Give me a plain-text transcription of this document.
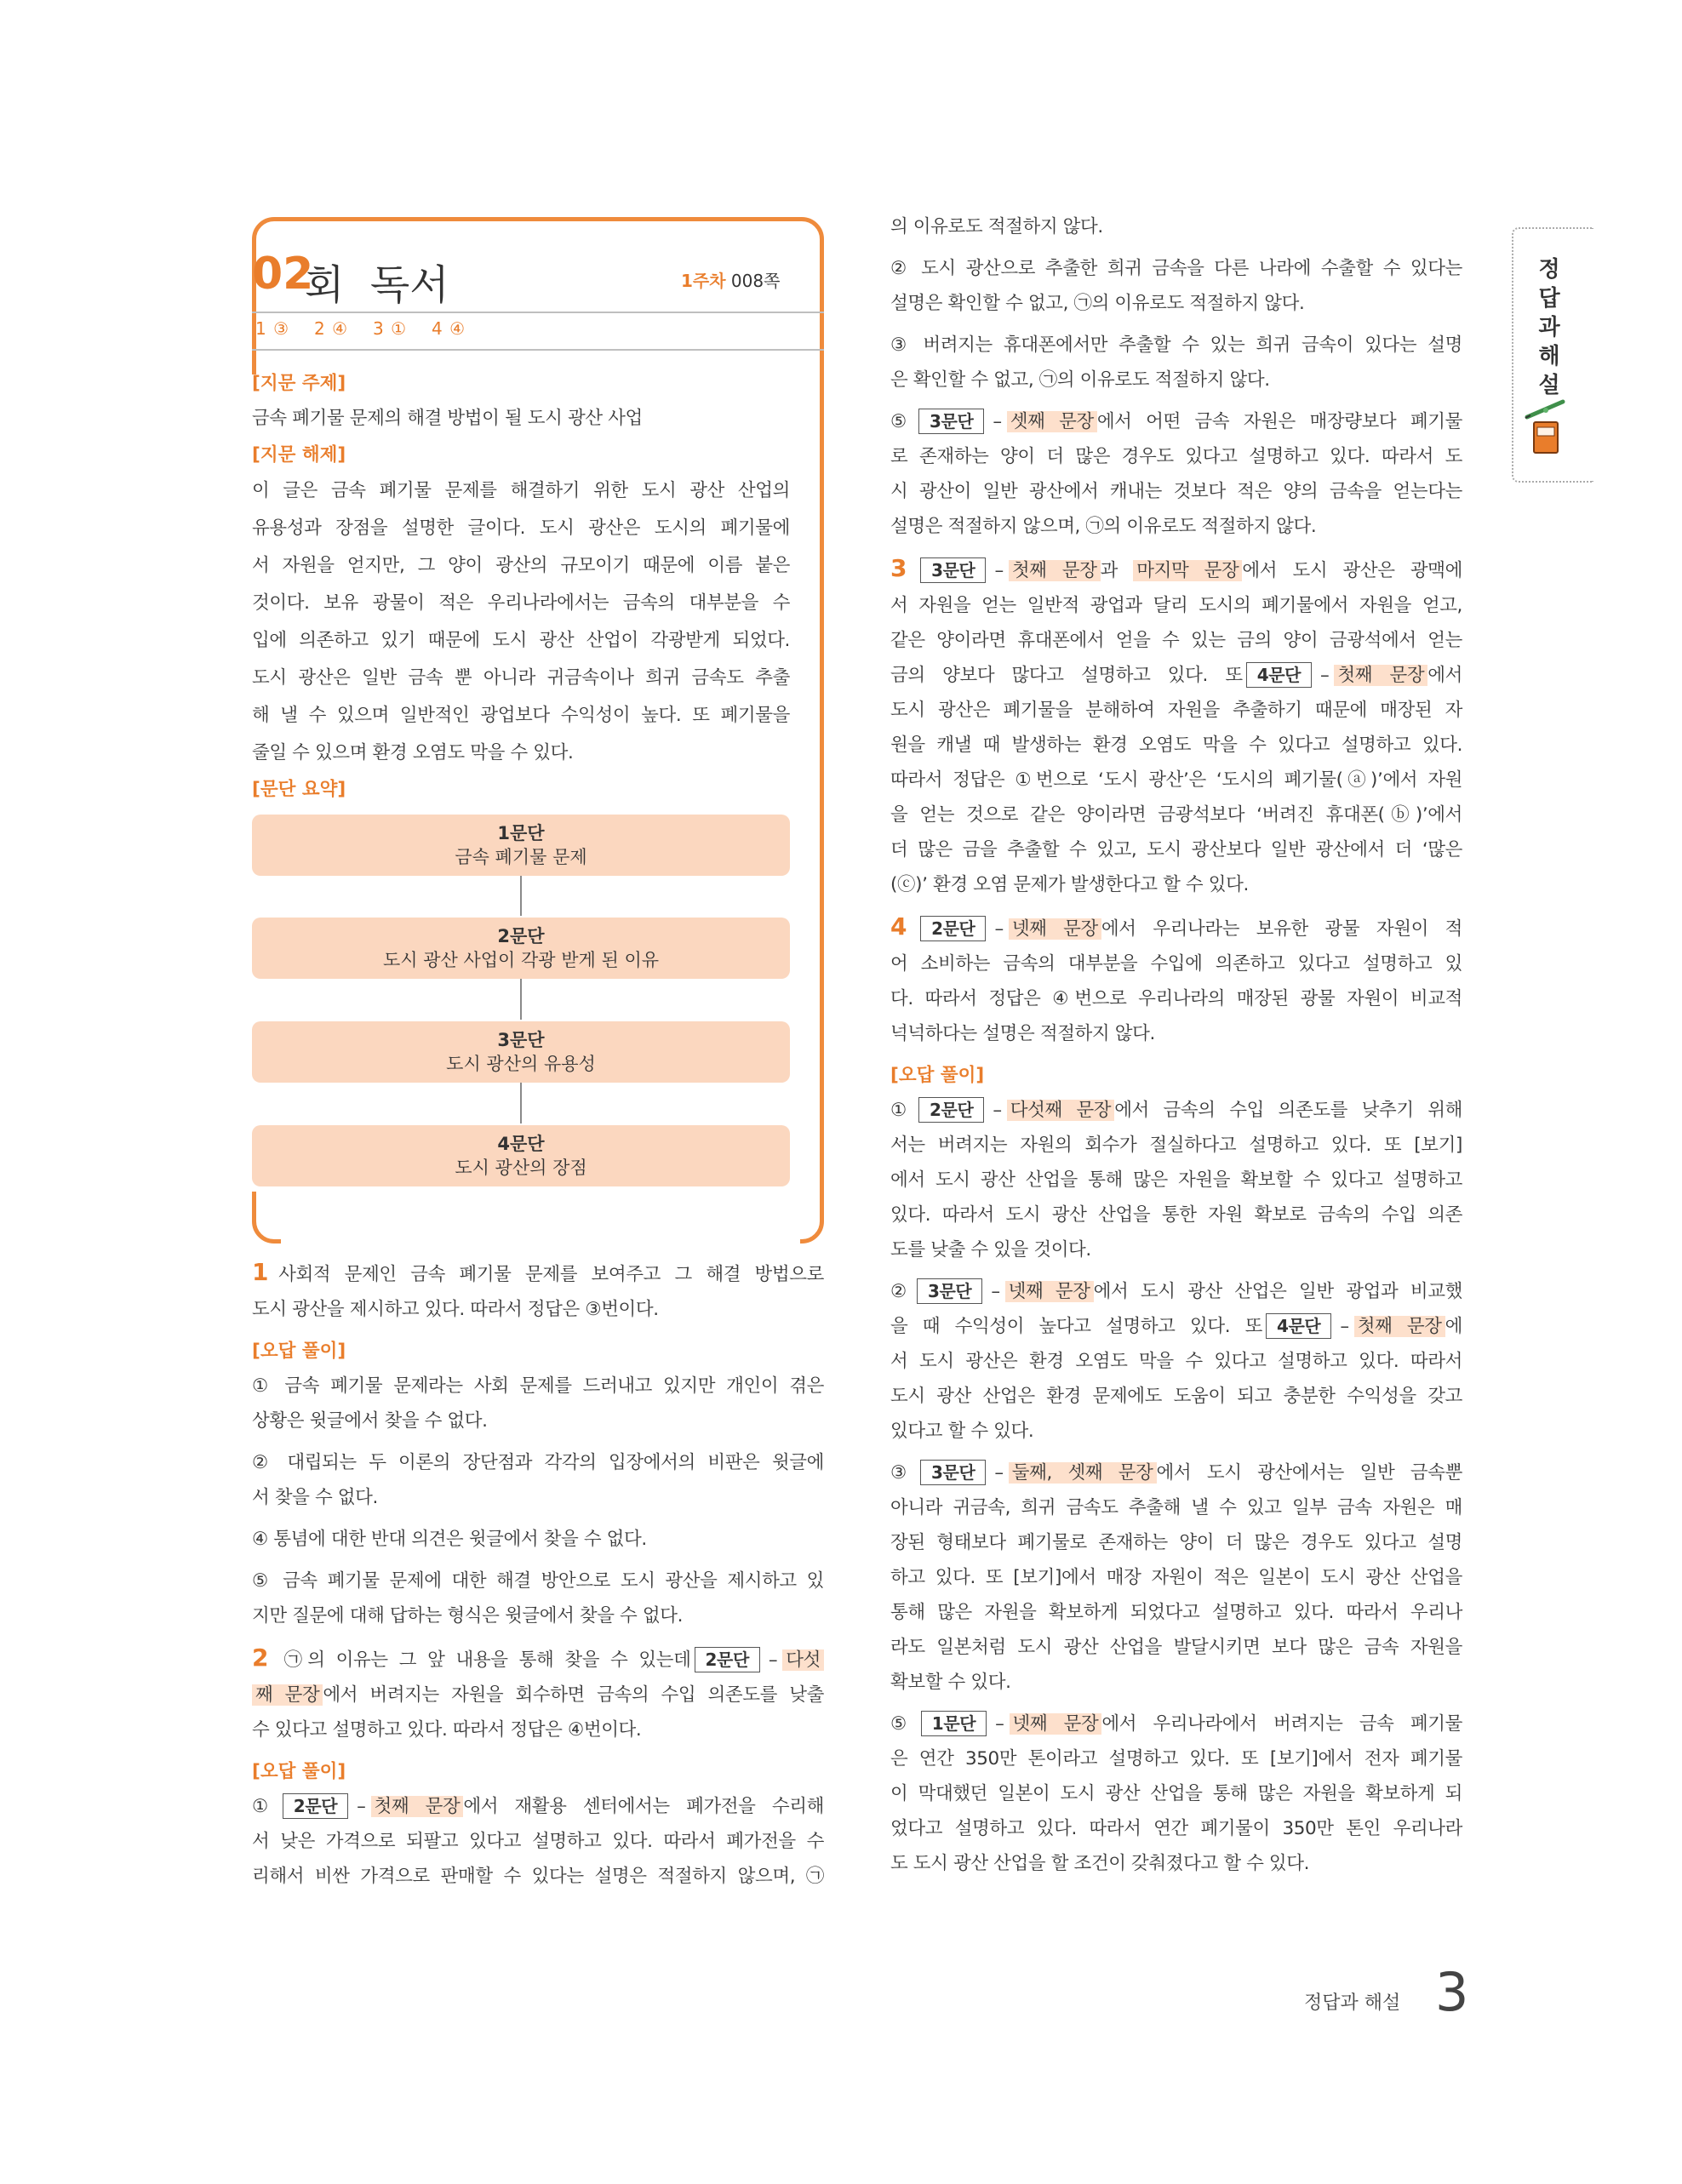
02
회  독서	1주차 008쪽
1 ③ 2 ④ 3 ① 4 ④
[지문 주제]
금속 폐기물 문제의 해결 방법이 될 도시 광산 사업
[지문 해제]
이 글은 금속 폐기물 문제를 해결하기 위한 도시 광산 산업의
유용성과 장점을 설명한 글이다. 도시 광산은 도시의 폐기물에
서 자원을 얻지만, 그 양이 광산의 규모이기 때문에 이름 붙은
것이다. 보유 광물이 적은 우리나라에서는 금속의 대부분을 수
입에 의존하고 있기 때문에 도시 광산 산업이 각광받게 되었다.
도시 광산은 일반 금속 뿐 아니라 귀금속이나 희귀 금속도 추출
해 낼 수 있으며 일반적인 광업보다 수익성이 높다. 또 폐기물을
줄일 수 있으며 환경 오염도 막을 수 있다.
[문단 요약]
1문단
금속 폐기물 문제
2문단
도시 광산 사업이 각광 받게 된 이유
3문단
도시 광산의 유용성
4문단
도시 광산의 장점
1 사회적 문제인 금속 폐기물 문제를 보여주고 그 해결 방법으로
도시 광산을 제시하고 있다. 따라서 정답은 ③번이다.
[오답 풀이]
① 금속 폐기물 문제라는 사회 문제를 드러내고 있지만 개인이 겪은
상황은 윗글에서 찾을 수 없다.
② 대립되는 두 이론의 장단점과 각각의 입장에서의 비판은 윗글에
서 찾을 수 없다.
④ 통념에 대한 반대 의견은 윗글에서 찾을 수 없다.
⑤ 금속 폐기물 문제에 대한 해결 방안으로 도시 광산을 제시하고 있
지만 질문에 대해 답하는 형식은 윗글에서 찾을 수 없다.
2 ㉠의 이유는 그 앞 내용을 통해 찾을 수 있는데 2문단 – 다섯
째 문장 에서 버려지는 자원을 회수하면 금속의 수입 의존도를 낮출
수 있다고 설명하고 있다. 따라서 정답은 ④번이다.
[오답 풀이]
① 2문단 – 첫째 문장 에서 재활용 센터에서는 폐가전을 수리해
서 낮은 가격으로 되팔고 있다고 설명하고 있다. 따라서 폐가전을 수
리해서 비싼 가격으로 판매할 수 있다는 설명은 적절하지 않으며, ㉠
의 이유로도 적절하지 않다.
② 도시 광산으로 추출한 희귀 금속을 다른 나라에 수출할 수 있다는
설명은 확인할 수 없고, ㉠의 이유로도 적절하지 않다.
③ 버려지는 휴대폰에서만 추출할 수 있는 희귀 금속이 있다는 설명
은 확인할 수 없고, ㉠의 이유로도 적절하지 않다.
⑤ 3문단 – 셋째 문장 에서 어떤 금속 자원은 매장량보다 폐기물
로 존재하는 양이 더 많은 경우도 있다고 설명하고 있다. 따라서 도
시 광산이 일반 광산에서 캐내는 것보다 적은 양의 금속을 얻는다는
설명은 적절하지 않으며, ㉠의 이유로도 적절하지 않다.
3 3문단 – 첫째 문장 과 마지막 문장 에서 도시 광산은 광맥에
서 자원을 얻는 일반적 광업과 달리 도시의 폐기물에서 자원을 얻고,
같은 양이라면 휴대폰에서 얻을 수 있는 금의 양이 금광석에서 얻는
금의 양보다 많다고 설명하고 있다. 또 4문단 – 첫째 문장 에서
도시 광산은 폐기물을 분해하여 자원을 추출하기 때문에 매장된 자
원을 캐낼 때 발생하는 환경 오염도 막을 수 있다고 설명하고 있다.
따라서 정답은 ①번으로 ‘도시 광산’은 ‘도시의 폐기물(ⓐ)’에서 자원
을 얻는 것으로 같은 양이라면 금광석보다 ‘버려진 휴대폰(ⓑ)’에서
더 많은 금을 추출할 수 있고, 도시 광산보다 일반 광산에서 더 ‘많은
(ⓒ)’ 환경 오염 문제가 발생한다고 할 수 있다.
4 2문단 – 넷째 문장 에서 우리나라는 보유한 광물 자원이 적
어 소비하는 금속의 대부분을 수입에 의존하고 있다고 설명하고 있
다. 따라서 정답은 ④번으로 우리나라의 매장된 광물 자원이 비교적
넉넉하다는 설명은 적절하지 않다.
[오답 풀이]
① 2문단 – 다섯째 문장 에서 금속의 수입 의존도를 낮추기 위해
서는 버려지는 자원의 회수가 절실하다고 설명하고 있다. 또 [보기]
에서 도시 광산 산업을 통해 많은 자원을 확보할 수 있다고 설명하고
있다. 따라서 도시 광산 산업을 통한 자원 확보로 금속의 수입 의존
도를 낮출 수 있을 것이다.
② 3문단 – 넷째 문장 에서 도시 광산 산업은 일반 광업과 비교했
을 때 수익성이 높다고 설명하고 있다. 또 4문단 – 첫째 문장 에
서 도시 광산은 환경 오염도 막을 수 있다고 설명하고 있다. 따라서
도시 광산 산업은 환경 문제에도 도움이 되고 충분한 수익성을 갖고
있다고 할 수 있다.
③ 3문단 – 둘째, 셋째 문장 에서 도시 광산에서는 일반 금속뿐
아니라 귀금속, 희귀 금속도 추출해 낼 수 있고 일부 금속 자원은 매
장된 형태보다 폐기물로 존재하는 양이 더 많은 경우도 있다고 설명
하고 있다. 또 [보기]에서 매장 자원이 적은 일본이 도시 광산 산업을
통해 많은 자원을 확보하게 되었다고 설명하고 있다. 따라서 우리나
라도 일본처럼 도시 광산 산업을 발달시키면 보다 많은 금속 자원을
확보할 수 있다.
⑤ 1문단 – 넷째 문장 에서 우리나라에서 버려지는 금속 폐기물
은 연간 350만 톤이라고 설명하고 있다. 또 [보기]에서 전자 폐기물
이 막대했던 일본이 도시 광산 산업을 통해 많은 자원을 확보하게 되
었다고 설명하고 있다. 따라서 연간 폐기물이 350만 톤인 우리나라
도 도시 광산 산업을 할 조건이 갖춰졌다고 할 수 있다.
정답과해설
정답과 해설 3
